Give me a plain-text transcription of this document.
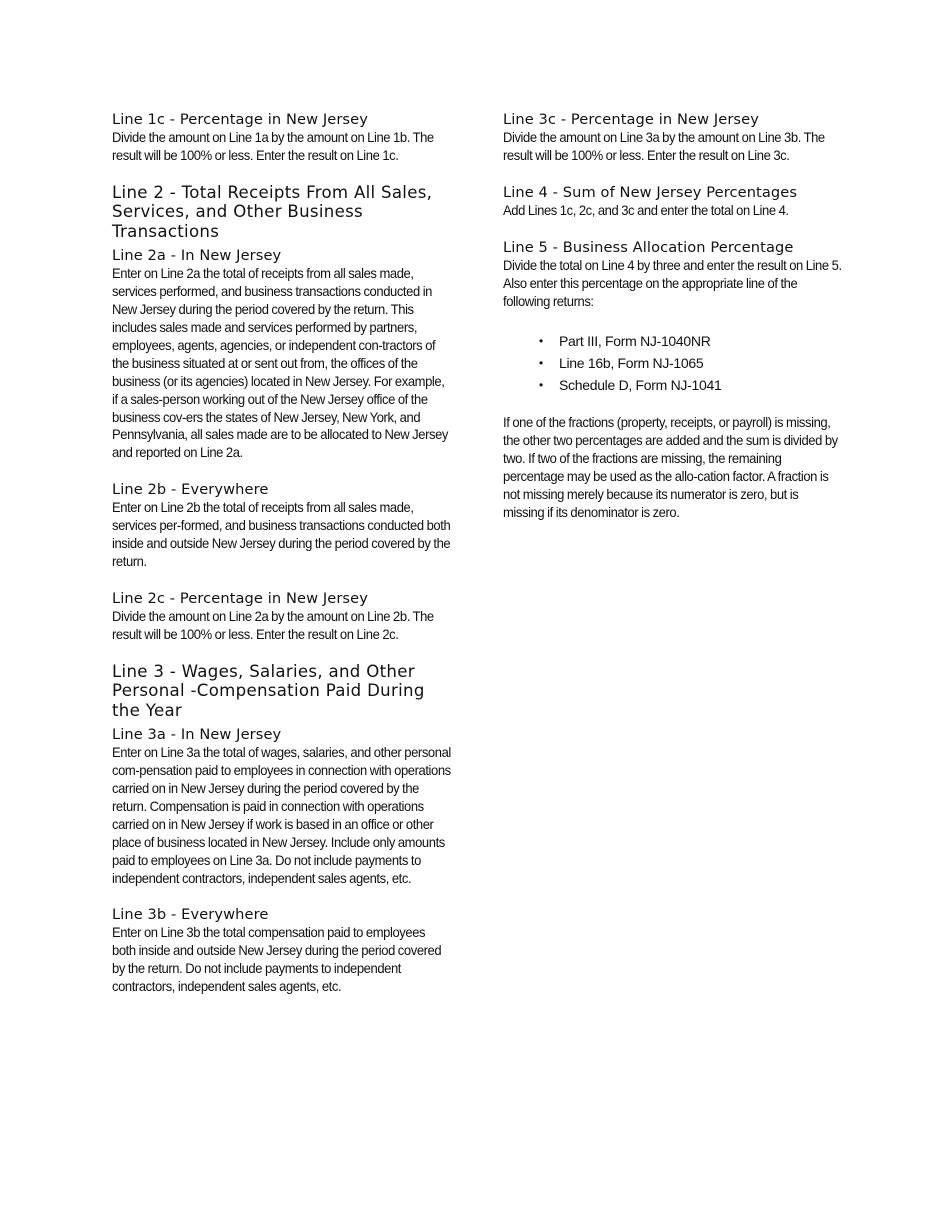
Line 1c - Percentage in New Jersey

Divide the amount on Line 1a by the amount on Line 1b. The result will be 100% or less. Enter the result on Line 1c.

Line 2 - Total Receipts From All Sales, Services, and Other Business Transactions
Line 2a - In New Jersey

Enter on Line 2a the total of receipts from all sales made, services performed, and business transactions conducted in New Jersey during the period covered by the return. This includes sales made and services performed by partners, employees, agents, agencies, or independent con-tractors of the business situated at or sent out from, the offices of the business (or its agencies) located in New Jersey. For example, if a sales-person working out of the New Jersey office of the business cov-ers the states of New Jersey, New York, and Pennsylvania, all sales made are to be allocated to New Jersey and reported on Line 2a.

Line 2b - Everywhere

Enter on Line 2b the total of receipts from all sales made, services per-formed, and business transactions conducted both inside and outside New Jersey during the period covered by the return.

Line 2c - Percentage in New Jersey

Divide the amount on Line 2a by the amount on Line 2b. The result will be 100% or less. Enter the result on Line 2c.

Line 3 - Wages, Salaries, and Other Personal -Compensation Paid During the Year
Line 3a - In New Jersey

Enter on Line 3a the total of wages, salaries, and other personal com-pensation paid to employees in connection with operations carried on in New Jersey during the period covered by the return. Compensation is paid in connection with operations carried on in New Jersey if work is based in an office or other place of business located in New Jersey. Include only amounts paid to employees on Line 3a. Do not include payments to independent contractors, independent sales agents, etc.

Line 3b - Everywhere

Enter on Line 3b the total compensation paid to employees both inside and outside New Jersey during the period covered by the return. Do not include payments to independent contractors, independent sales agents, etc.

Line 3c - Percentage in New Jersey

Divide the amount on Line 3a by the amount on Line 3b. The result will be 100% or less. Enter the result on Line 3c.

Line 4 - Sum of New Jersey Percentages

Add Lines 1c, 2c, and 3c and enter the total on Line 4.

Line 5 - Business Allocation Percentage

Divide the total on Line 4 by three and enter the result on Line 5. Also enter this percentage on the appropriate line of the following returns:

• Part III, Form NJ-1040NR
• Line 16b, Form NJ-1065
• Schedule D, Form NJ-1041

If one of the fractions (property, receipts, or payroll) is missing, the other two percentages are added and the sum is divided by two. If two of the fractions are missing, the remaining percentage may be used as the allo-cation factor. A fraction is not missing merely because its numerator is zero, but is missing if its denominator is zero.
